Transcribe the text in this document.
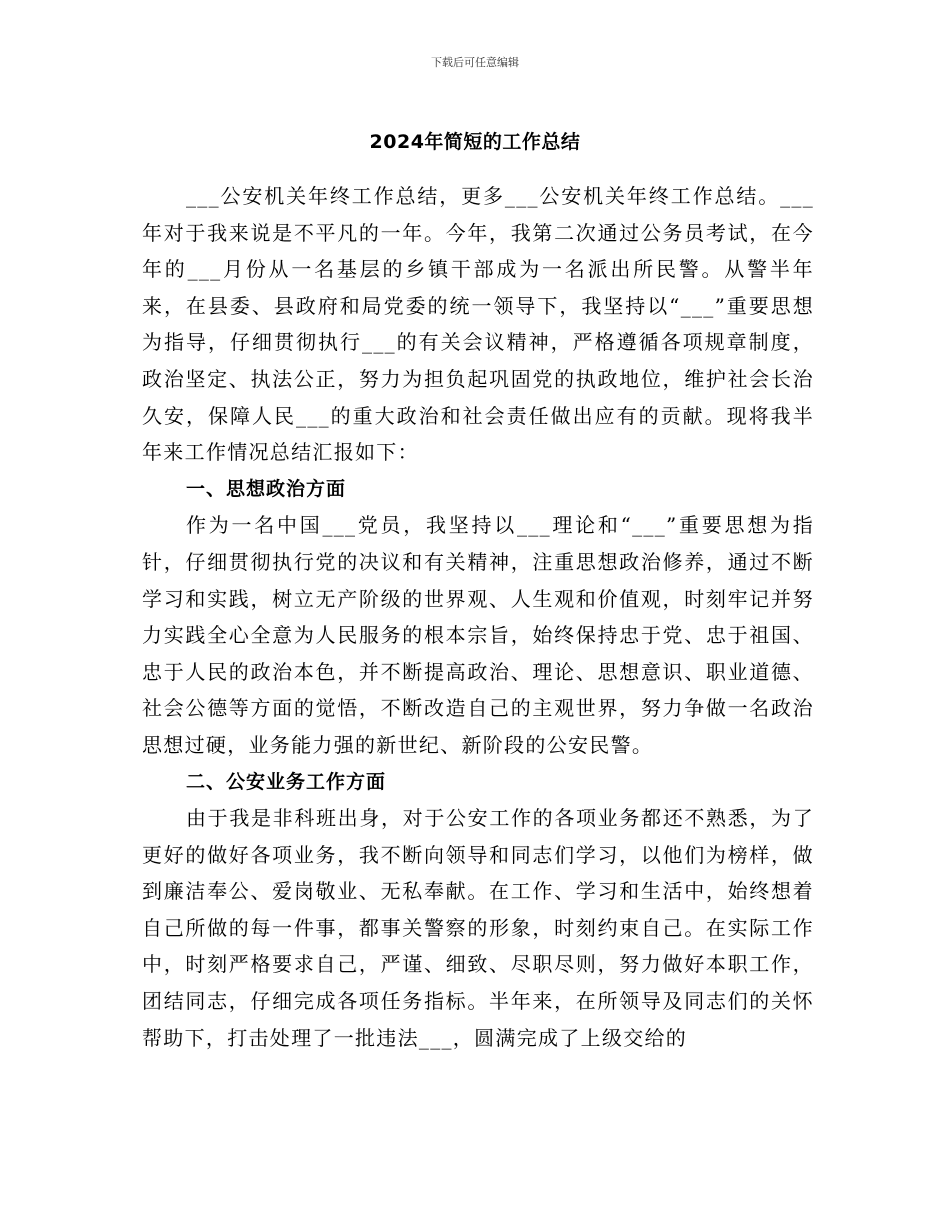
下载后可任意编辑
2024年简短的工作总结

___公安机关年终工作总结，更多___公安机关年终工作总结。___年对于我来说是不平凡的一年。今年，我第二次通过公务员考试，在今年的___月份从一名基层的乡镇干部成为一名派出所民警。从警半年来，在县委、县政府和局党委的统一领导下，我坚持以“___”重要思想为指导，仔细贯彻执行___的有关会议精神，严格遵循各项规章制度，政治坚定、执法公正，努力为担负起巩固党的执政地位，维护社会长治久安，保障人民___的重大政治和社会责任做出应有的贡献。现将我半年来工作情况总结汇报如下：

一、思想政治方面

作为一名中国___党员，我坚持以___理论和“___”重要思想为指针，仔细贯彻执行党的决议和有关精神，注重思想政治修养，通过不断学习和实践，树立无产阶级的世界观、人生观和价值观，时刻牢记并努力实践全心全意为人民服务的根本宗旨，始终保持忠于党、忠于祖国、忠于人民的政治本色，并不断提高政治、理论、思想意识、职业道德、社会公德等方面的觉悟，不断改造自己的主观世界，努力争做一名政治思想过硬，业务能力强的新世纪、新阶段的公安民警。

二、公安业务工作方面

由于我是非科班出身，对于公安工作的各项业务都还不熟悉，为了更好的做好各项业务，我不断向领导和同志们学习，以他们为榜样，做到廉洁奉公、爱岗敬业、无私奉献。在工作、学习和生活中，始终想着自己所做的每一件事，都事关警察的形象，时刻约束自己。在实际工作中，时刻严格要求自己，严谨、细致、尽职尽则，努力做好本职工作，团结同志，仔细完成各项任务指标。半年来，在所领导及同志们的关怀帮助下，打击处理了一批违法___，圆满完成了上级交给的
